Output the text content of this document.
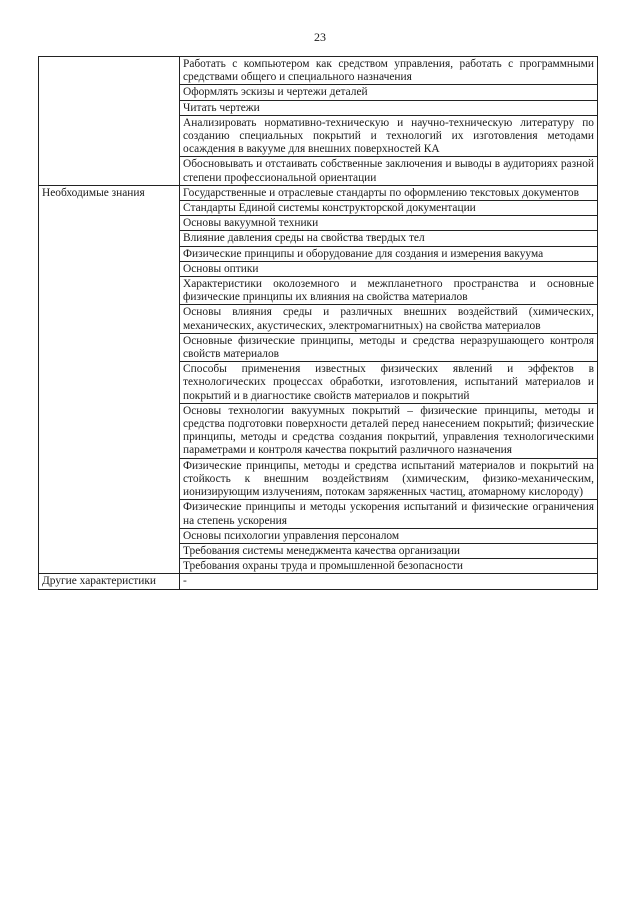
23
	Работать с компьютером как средством управления, работать с программными средствами общего и специального назначения
	Оформлять эскизы и чертежи деталей
	Читать чертежи
	Анализировать нормативно-техническую и научно-техническую литературу по созданию специальных покрытий и технологий их изготовления методами осаждения в вакууме для внешних поверхностей КА
	Обосновывать и отстаивать собственные заключения и выводы в аудиториях разной степени профессиональной ориентации
Необходимые знания	Государственные и отраслевые стандарты по оформлению текстовых документов
	Стандарты Единой системы конструкторской документации
	Основы вакуумной техники
	Влияние давления среды на свойства твердых тел
	Физические принципы и оборудование для создания и измерения вакуума
	Основы оптики
	Характеристики околоземного и межпланетного пространства и основные физические принципы их влияния на свойства материалов
	Основы влияния среды и различных внешних воздействий (химических, механических, акустических, электромагнитных) на свойства материалов
	Основные физические принципы, методы и средства неразрушающего контроля свойств материалов
	Способы применения известных физических явлений и эффектов в технологических процессах обработки, изготовления, испытаний материалов и покрытий и в диагностике свойств материалов и покрытий
	Основы технологии вакуумных покрытий – физические принципы, методы и средства подготовки поверхности деталей перед нанесением покрытий; физические принципы, методы и средства создания покрытий, управления технологическими параметрами и контроля качества покрытий различного назначения
	Физические принципы, методы и средства испытаний материалов и покрытий на стойкость к внешним воздействиям (химическим, физико-механическим, ионизирующим излучениям, потокам заряженных частиц, атомарному кислороду)
	Физические принципы и методы ускорения испытаний и физические ограничения на степень ускорения
	Основы психологии управления персоналом
	Требования системы менеджмента качества организации
	Требования охраны труда и промышленной безопасности
Другие характеристики	-
